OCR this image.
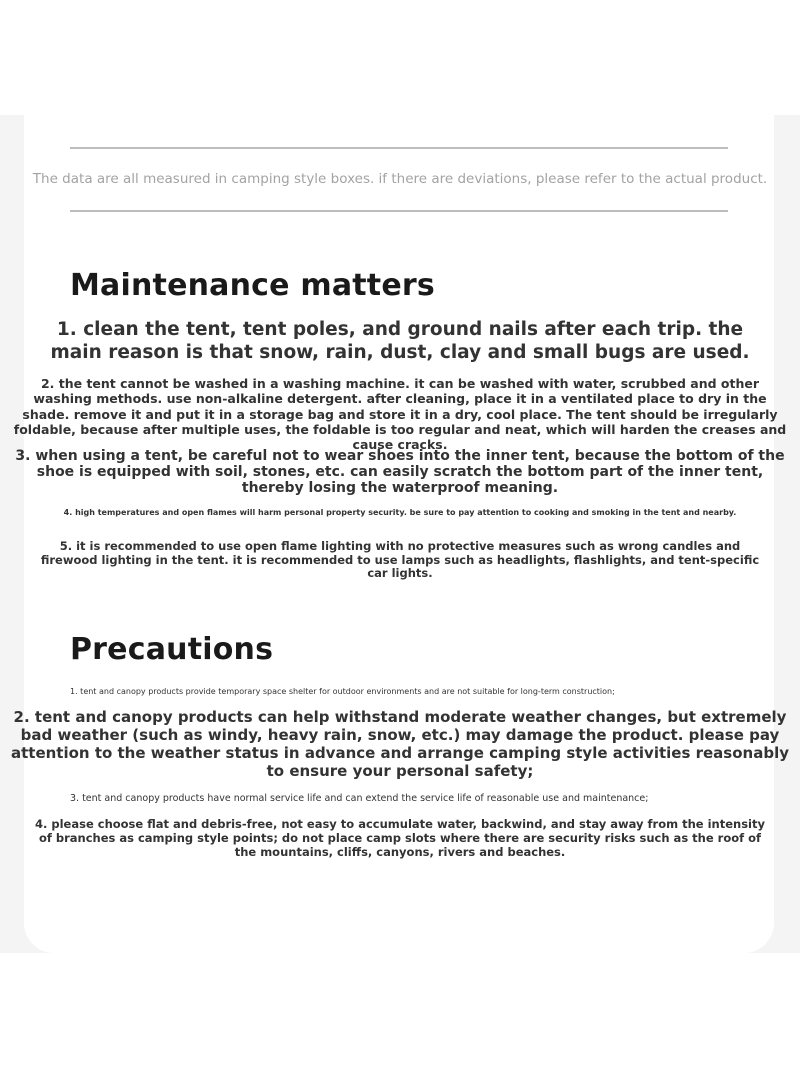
The data are all measured in camping style boxes. if there are deviations, please refer to the actual product.
Maintenance matters
1. clean the tent, tent poles, and ground nails after each trip. the main reason is that snow, rain, dust, clay and small bugs are used.
2. the tent cannot be washed in a washing machine. it can be washed with water, scrubbed and other washing methods. use non-alkaline detergent. after cleaning, place it in a ventilated place to dry in the shade. remove it and put it in a storage bag and store it in a dry, cool place. The tent should be irregularly foldable, because after multiple uses, the foldable is too regular and neat, which will harden the creases and cause cracks.
3. when using a tent, be careful not to wear shoes into the inner tent, because the bottom of the shoe is equipped with soil, stones, etc. can easily scratch the bottom part of the inner tent, thereby losing the waterproof meaning.
4. high temperatures and open flames will harm personal property security. be sure to pay attention to cooking and smoking in the tent and nearby.
5. it is recommended to use open flame lighting with no protective measures such as wrong candles and firewood lighting in the tent. it is recommended to use lamps such as headlights, flashlights, and tent-specific car lights.
Precautions
1. tent and canopy products provide temporary space shelter for outdoor environments and are not suitable for long-term construction;
2. tent and canopy products can help withstand moderate weather changes, but extremely bad weather (such as windy, heavy rain, snow, etc.) may damage the product. please pay attention to the weather status in advance and arrange camping style activities reasonably to ensure your personal safety;
3. tent and canopy products have normal service life and can extend the service life of reasonable use and maintenance;
4. please choose flat and debris-free, not easy to accumulate water, backwind, and stay away from the intensity of branches as camping style points; do not place camp slots where there are security risks such as the roof of the mountains, cliffs, canyons, rivers and beaches.
